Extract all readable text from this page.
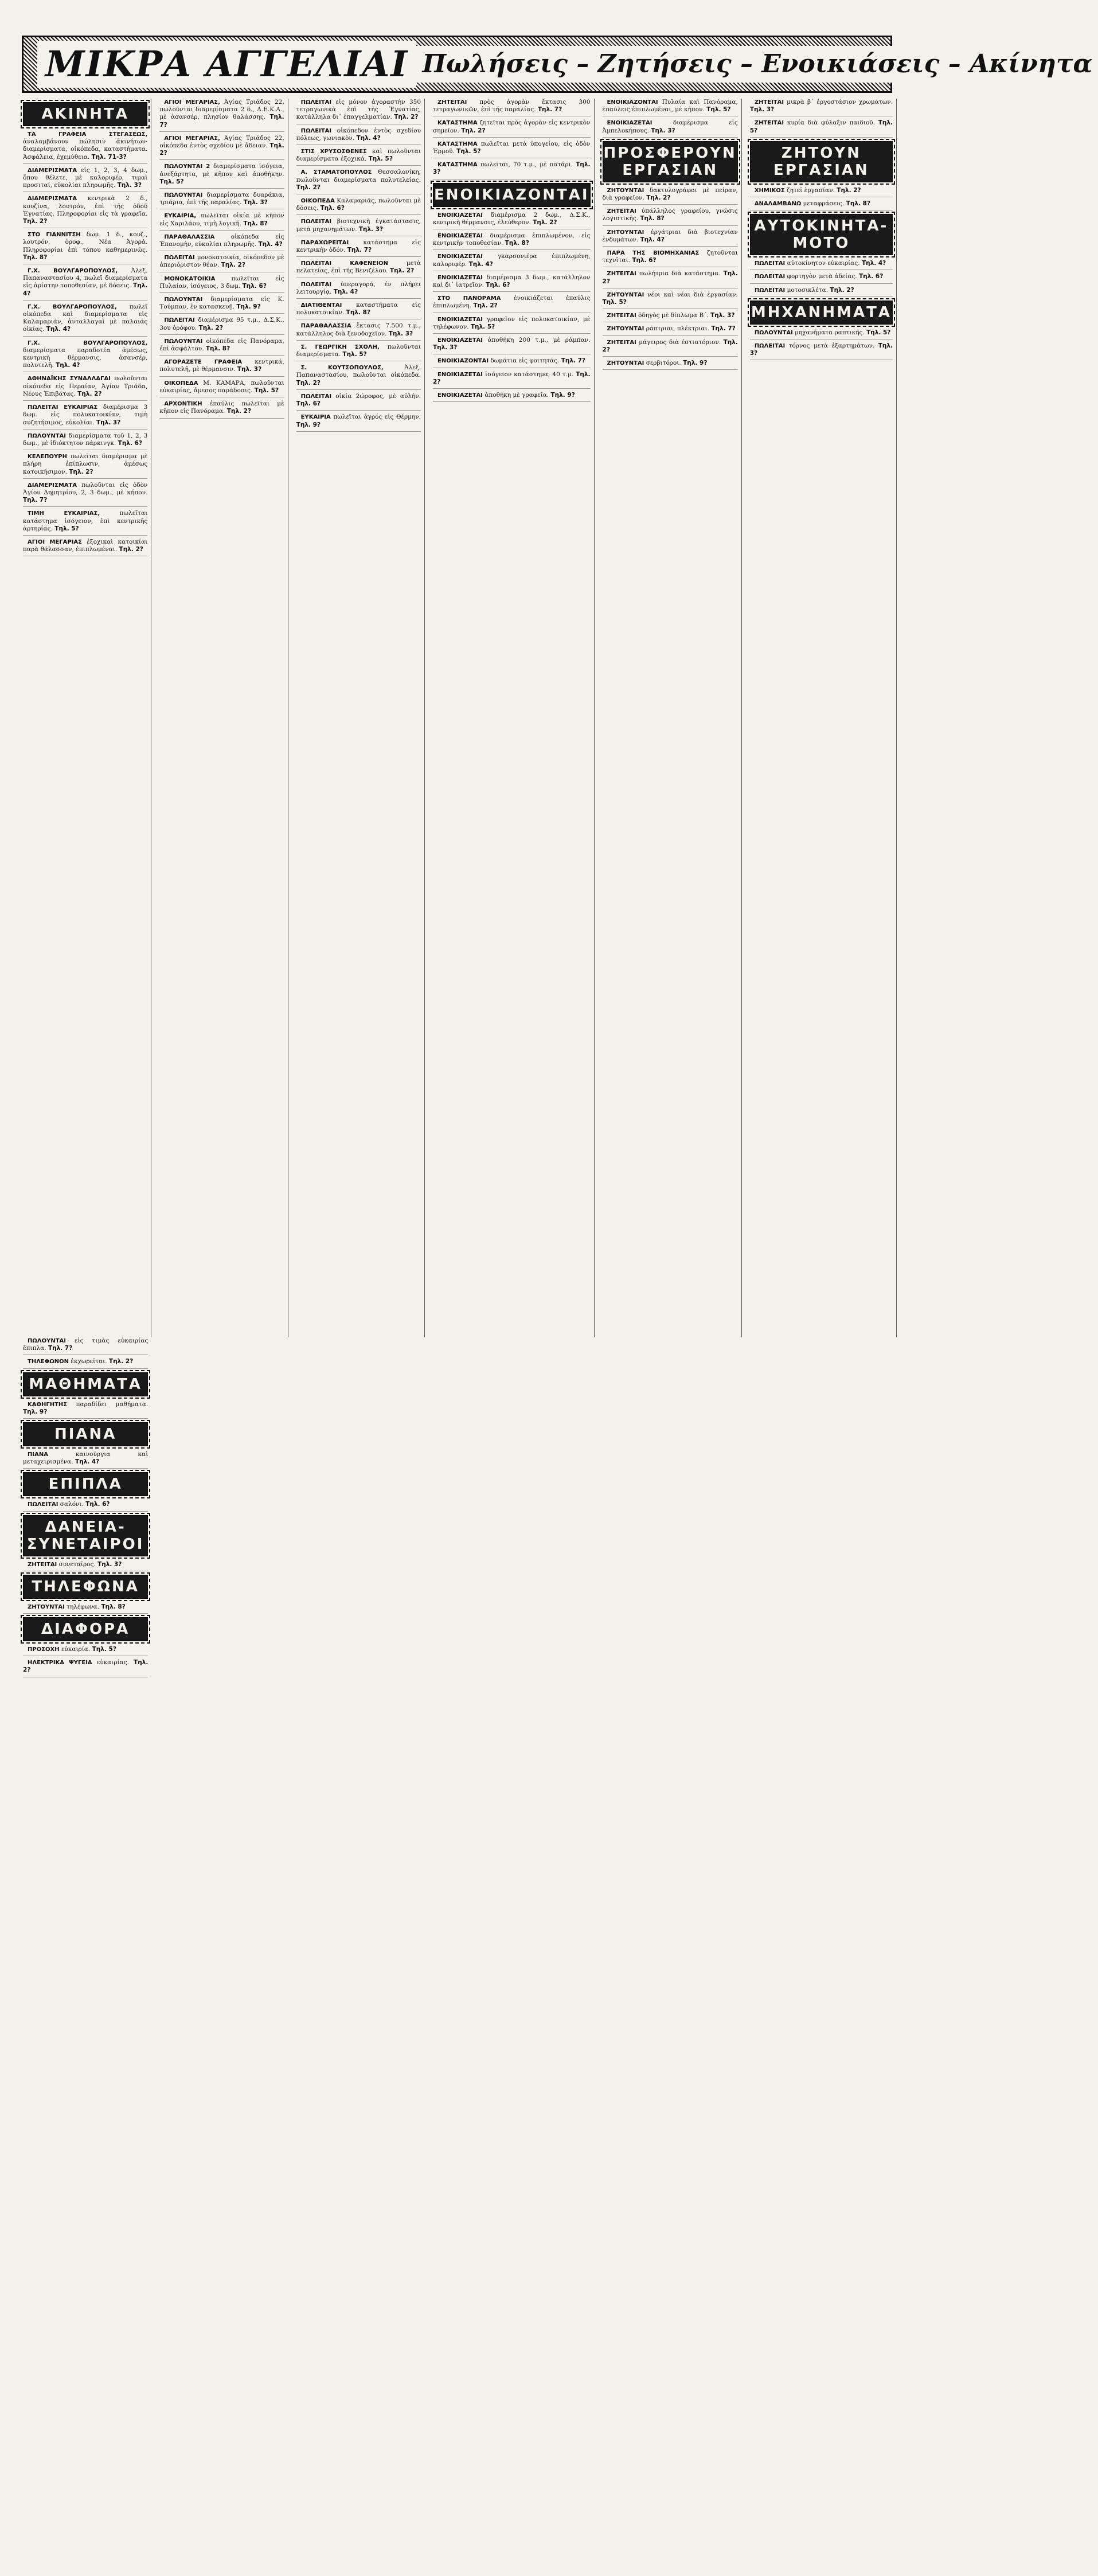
ΜΙΚΡΑ ΑΓΓΕΛΙΑΙ Πωλήσεις – Ζητήσεις – Ενοικιάσεις – Ακίνητα
ΑΚΙΝΗΤΑ
ΤΑ ΓΡΑΦΕΙΑ ΣΤΕΓΑΣΕΩΣ, ἀναλαμβάνουν πώλησιν ἀκινήτων· διαμερίσματα, οἰκόπεδα, καταστήματα. Ἀσφάλεια, ἐχεμύθεια. Τηλ. 71-3?
ΔΙΑΜΕΡΙΣΜΑΤΑ εἰς 1, 2, 3, 4 δωμ., ὅπου θέλετε, μὲ καλοριφέρ, τιμαὶ προσιταί, εὐκολίαι πληρωμῆς. Τηλ. 3?
ΔΙΑΜΕΡΙΣΜΑΤΑ κεντρικὰ 2 δ., κουζίνα, λουτρόν, ἐπὶ τῆς ὁδοῦ Ἐγνατίας. Πληροφορίαι εἰς τὰ γραφεῖα. Τηλ. 2?
ΣΤΟ ΓΙΑΝΝΙΤΣΗ δωμ. 1 δ., κουζ., λουτρόν, ὀροφ., Νέα Ἀγορά. Πληροφορίαι ἐπὶ τόπου καθημερινῶς. Τηλ. 8?
Γ.Χ. ΒΟΥΛΓΑΡΟΠΟΥΛΟΣ, Ἀλεξ. Παπαναστασίου 4, πωλεῖ διαμερίσματα εἰς ἀρίστην τοποθεσίαν, μὲ δόσεις. Τηλ. 4?
Γ.Χ. ΒΟΥΛΓΑΡΟΠΟΥΛΟΣ, πωλεῖ οἰκόπεδα καὶ διαμερίσματα εἰς Καλαμαριάν, ἀνταλλαγαὶ μὲ παλαιάς οἰκίας. Τηλ. 4?
Γ.Χ. ΒΟΥΛΓΑΡΟΠΟΥΛΟΣ, διαμερίσματα παραδοτέα ἀμέσως, κεντρικὴ θέρμανσις, ἀσανσέρ, πολυτελῆ. Τηλ. 4?
ΑΘΗΝΑΪΚΗΣ ΣΥΝΑΛΛΑΓΑΙ πωλοῦνται οἰκόπεδα εἰς Περαίαν, Ἀγίαν Τριάδα, Νέους Ἐπιβάτας. Τηλ. 2?
ΠΩΛΕΙΤΑΙ ΕΥΚΑΙΡΙΑΣ διαμέρισμα 3 δωμ. εἰς πολυκατοικίαν, τιμὴ συζητήσιμος, εὐκολίαι. Τηλ. 3?
ΠΩΛΟΥΝΤΑΙ διαμερίσματα τοῦ 1, 2, 3 δωμ., μὲ ἰδιόκτητον πάρκινγκ. Τηλ. 6?
ΚΕΛΕΠΟΥΡΗ πωλεῖται διαμέρισμα μὲ πλήρη ἐπίπλωσιν, ἀμέσως κατοικήσιμον. Τηλ. 2?
ΔΙΑΜΕΡΙΣΜΑΤΑ πωλοῦνται εἰς ὁδὸν Ἀγίου Δημητρίου, 2, 3 δωμ., μὲ κήπον. Τηλ. 7?
ΤΙΜΗ ΕΥΚΑΙΡΙΑΣ, πωλεῖται κατάστημα ἰσόγειον, ἐπὶ κεντρικῆς ἀρτηρίας. Τηλ. 5?
ΑΓΙΟΙ ΜΕΓΑΡΙΑΣ ἐξοχικαὶ κατοικίαι παρὰ θάλασσαν, ἐπιπλωμέναι. Τηλ. 2?
ΑΓΙΟΙ ΜΕΓΑΡΙΑΣ, Ἁγίας Τριάδος 22, πωλοῦνται διαμερίσματα 2 δ., Δ.Ε.Κ.Α., μὲ ἀσανσέρ, πλησίον θαλάσσης. Τηλ. 7?
ΑΓΙΟΙ ΜΕΓΑΡΙΑΣ, Ἁγίας Τριάδος 22, οἰκόπεδα ἐντὸς σχεδίου μὲ ἄδειαν. Τηλ. 2?
ΠΩΛΟΥΝΤΑΙ 2 διαμερίσματα ἰσόγεια, ἀνεξάρτητα, μὲ κῆπον καὶ ἀποθήκην. Τηλ. 5?
ΠΩΛΟΥΝΤΑΙ διαμερίσματα δυαράκια, τριάρια, ἐπὶ τῆς παραλίας. Τηλ. 3?
ΕΥΚΑΙΡΙΑ, πωλεῖται οἰκία μὲ κῆπον εἰς Χαριλάου, τιμὴ λογική. Τηλ. 8?
ΠΑΡΑΘΑΛΑΣΣΙΑ οἰκόπεδα εἰς Ἐπανομὴν, εὐκολίαι πληρωμῆς. Τηλ. 4?
ΠΩΛΕΙΤΑΙ μονοκατοικία, οἰκόπεδον μὲ ἀπεριόριστον θέαν. Τηλ. 2?
ΜΟΝΟΚΑΤΟΙΚΙΑ πωλεῖται εἰς Πυλαίαν, ἰσόγειος, 3 δωμ. Τηλ. 6?
ΠΩΛΟΥΝΤΑΙ διαμερίσματα εἰς Κ. Τούμπαν, ἐν κατασκευῇ. Τηλ. 9?
ΠΩΛΕΙΤΑΙ διαμέρισμα 95 τ.μ., Δ.Σ.Κ., 3ου ὀρόφου. Τηλ. 2?
ΠΩΛΟΥΝΤΑΙ οἰκόπεδα εἰς Πανόραμα, ἐπὶ ἀσφάλτου. Τηλ. 8?
ΑΓΟΡΑΖΕΤΕ ΓΡΑΦΕΙΑ κεντρικά, πολυτελῆ, μὲ θέρμανσιν. Τηλ. 3?
ΟΙΚΟΠΕΔΑ Μ. ΚΑΜΑΡΑ, πωλοῦνται εὐκαιρίας, ἄμεσος παράδοσις. Τηλ. 5?
ΑΡΧΟΝΤΙΚΗ ἐπαύλις πωλεῖται μὲ κῆπον εἰς Πανόραμα. Τηλ. 2?
ΠΩΛΕΙΤΑΙ εἰς μόνον ἀγοραστὴν 350 τετραγωνικὰ ἐπὶ τῆς Ἐγνατίας, κατάλληλα δι᾽ ἐπαγγελματίαν. Τηλ. 2?
ΠΩΛΕΙΤΑΙ οἰκόπεδον ἐντὸς σχεδίου πόλεως, γωνιακὸν. Τηλ. 4?
ΣΤΙΣ ΧΡΥΣΟΣΘΕΝΕΣ καὶ πωλοῦνται διαμερίσματα ἐξοχικά. Τηλ. 5?
Α. ΣΤΑΜΑΤΟΠΟΥΛΟΣ Θεσσαλονίκη, πωλοῦνται διαμερίσματα πολυτελείας. Τηλ. 2?
ΟΙΚΟΠΕΔΑ Καλαμαριᾶς, πωλοῦνται μὲ δόσεις. Τηλ. 6?
ΠΩΛΕΙΤΑΙ βιοτεχνικὴ ἐγκατάστασις, μετὰ μηχανημάτων. Τηλ. 3?
ΠΑΡΑΧΩΡΕΙΤΑΙ κατάστημα εἰς κεντρικὴν ὁδόν. Τηλ. 7?
ΠΩΛΕΙΤΑΙ ΚΑΦΕΝΕΙΟΝ μετὰ πελατείας, ἐπὶ τῆς Βενιζέλου. Τηλ. 2?
ΠΩΛΕΙΤΑΙ ὑπεραγορά, ἐν πλήρει λειτουργίᾳ. Τηλ. 4?
ΔΙΑΤΙΘΕΝΤΑΙ καταστήματα εἰς πολυκατοικίαν. Τηλ. 8?
ΠΑΡΑΘΑΛΑΣΣΙΑ ἔκτασις 7.500 τ.μ., κατάλληλος διὰ ξενοδοχεῖον. Τηλ. 3?
Σ. ΓΕΩΡΓΙΚΗ ΣΧΟΛΗ, πωλοῦνται διαμερίσματα. Τηλ. 5?
Σ. ΚΟΥΤΣΟΠΟΥΛΟΣ, Ἀλεξ. Παπαναστασίου, πωλοῦνται οἰκόπεδα. Τηλ. 2?
ΠΩΛΕΙΤΑΙ οἰκία 2ώροφος, μὲ αὐλήν. Τηλ. 6?
ΕΥΚΑΙΡΙΑ πωλεῖται ἀγρός εἰς Θέρμην. Τηλ. 9?
ΖΗΤΕΙΤΑΙ πρὸς ἀγορὰν ἔκτασις 300 τετραγωνικῶν, ἐπὶ τῆς παραλίας. Τηλ. 7?
ΚΑΤΑΣΤΗΜΑ ζητεῖται πρὸς ἀγορὰν εἰς κεντρικὸν σημεῖον. Τηλ. 2?
ΚΑΤΑΣΤΗΜΑ πωλεῖται μετὰ ὑπογείου, εἰς ὁδὸν Ἑρμοῦ. Τηλ. 5?
ΚΑΤΑΣΤΗΜΑ πωλεῖται, 70 τ.μ., μὲ πατάρι. Τηλ. 3?
ΕΝΟΙΚΙΑΖΟΝΤΑΙ
ΕΝΟΙΚΙΑΖΕΤΑΙ διαμέρισμα 2 δωμ., Δ.Σ.Κ., κεντρικὴ θέρμανσις, ἐλεύθερον. Τηλ. 2?
ΕΝΟΙΚΙΑΖΕΤΑΙ διαμέρισμα ἐπιπλωμένον, εἰς κεντρικὴν τοποθεσίαν. Τηλ. 8?
ΕΝΟΙΚΙΑΖΕΤΑΙ γκαρσονιέρα ἐπιπλωμένη, καλοριφέρ. Τηλ. 4?
ΕΝΟΙΚΙΑΖΕΤΑΙ διαμέρισμα 3 δωμ., κατάλληλον καὶ δι᾽ ἰατρεῖον. Τηλ. 6?
ΣΤΟ ΠΑΝΟΡΑΜΑ ἐνοικιάζεται ἐπαύλις ἐπιπλωμένη. Τηλ. 2?
ΕΝΟΙΚΙΑΖΕΤΑΙ γραφεῖον εἰς πολυκατοικίαν, μὲ τηλέφωνον. Τηλ. 5?
ΕΝΟΙΚΙΑΖΕΤΑΙ ἀποθήκη 200 τ.μ., μὲ ράμπαν. Τηλ. 3?
ΕΝΟΙΚΙΑΖΟΝΤΑΙ δωμάτια εἰς φοιτητάς. Τηλ. 7?
ΕΝΟΙΚΙΑΖΕΤΑΙ ἰσόγειον κατάστημα, 40 τ.μ. Τηλ. 2?
ΕΝΟΙΚΙΑΖΕΤΑΙ ἀποθήκη μὲ γραφεῖα. Τηλ. 9?
ΕΝΟΙΚΙΑΖΟΝΤΑΙ Πυλαία καὶ Πανόραμα, ἐπαύλεις ἐπιπλωμέναι, μὲ κῆπον. Τηλ. 5?
ΕΝΟΙΚΙΑΖΕΤΑΙ διαμέρισμα εἰς Ἀμπελοκήπους. Τηλ. 3?
ΠΡΟΣΦΕΡΟΥΝ ΕΡΓΑΣΙΑΝ
ΖΗΤΟΥΝΤΑΙ δακτυλογράφοι μὲ πείραν, διὰ γραφεῖον. Τηλ. 2?
ΖΗΤΕΙΤΑΙ ὑπάλληλος γραφείου, γνῶσις λογιστικῆς. Τηλ. 8?
ΖΗΤΟΥΝΤΑΙ ἐργάτριαι διὰ βιοτεχνίαν ἐνδυμάτων. Τηλ. 4?
ΠΑΡΑ ΤΗΣ ΒΙΟΜΗΧΑΝΙΑΣ ζητοῦνται τεχνῖται. Τηλ. 6?
ΖΗΤΕΙΤΑΙ πωλήτρια διὰ κατάστημα. Τηλ. 2?
ΖΗΤΟΥΝΤΑΙ νέοι καὶ νέαι διὰ ἐργασίαν. Τηλ. 5?
ΖΗΤΕΙΤΑΙ ὁδηγὸς μὲ δίπλωμα Β΄. Τηλ. 3?
ΖΗΤΟΥΝΤΑΙ ράπτριαι, πλέκτριαι. Τηλ. 7?
ΖΗΤΕΙΤΑΙ μάγειρος διὰ ἑστιατόριον. Τηλ. 2?
ΖΗΤΟΥΝΤΑΙ σερβιτόροι. Τηλ. 9?
ΖΗΤΕΙΤΑΙ μικρὰ β΄ ἐργοστάσιον χρωμάτων. Τηλ. 3?
ΖΗΤΕΙΤΑΙ κυρία διὰ φύλαξιν παιδιοῦ. Τηλ. 5?
ΖΗΤΟΥΝ ΕΡΓΑΣΙΑΝ
ΧΗΜΙΚΟΣ ζητεῖ ἐργασίαν. Τηλ. 2?
ΑΝΑΛΑΜΒΑΝΩ μεταφράσεις. Τηλ. 8?
ΑΥΤΟΚΙΝΗΤΑ-ΜΟΤΟ
ΠΩΛΕΙΤΑΙ αὐτοκίνητον εὐκαιρίας. Τηλ. 4?
ΠΩΛΕΙΤΑΙ φορτηγὸν μετὰ ἀδείας. Τηλ. 6?
ΠΩΛΕΙΤΑΙ μοτοσικλέτα. Τηλ. 2?
ΜΗΧΑΝΗΜΑΤΑ
ΠΩΛΟΥΝΤΑΙ μηχανήματα ραπτικῆς. Τηλ. 5?
ΠΩΛΕΙΤΑΙ τόρνος μετὰ ἐξαρτημάτων. Τηλ. 3?
ΠΩΛΟΥΝΤΑΙ εἰς τιμὰς εὐκαιρίας ἔπιπλα. Τηλ. 7?
ΤΗΛΕΦΩΝΟΝ ἐκχωρεῖται. Τηλ. 2?
ΜΑΘΗΜΑΤΑ
ΚΑΘΗΓΗΤΗΣ παραδίδει μαθήματα. Τηλ. 9?
ΠΙΑΝΑ
ΠΙΑΝΑ καινούργια καὶ μεταχειρισμένα. Τηλ. 4?
ΕΠΙΠΛΑ
ΠΩΛΕΙΤΑΙ σαλόνι. Τηλ. 6?
ΔΑΝΕΙΑ-ΣΥΝΕΤΑΙΡΟΙ
ΖΗΤΕΙΤΑΙ συνεταῖρος. Τηλ. 3?
ΤΗΛΕΦΩΝΑ
ΖΗΤΟΥΝΤΑΙ τηλέφωνα. Τηλ. 8?
ΔΙΑΦΟΡΑ
ΠΡΟΣΟΧΗ εὐκαιρία. Τηλ. 5?
ΗΛΕΚΤΡΙΚΑ ΨΥΓΕΙΑ εὐκαιρίας. Τηλ. 2?
